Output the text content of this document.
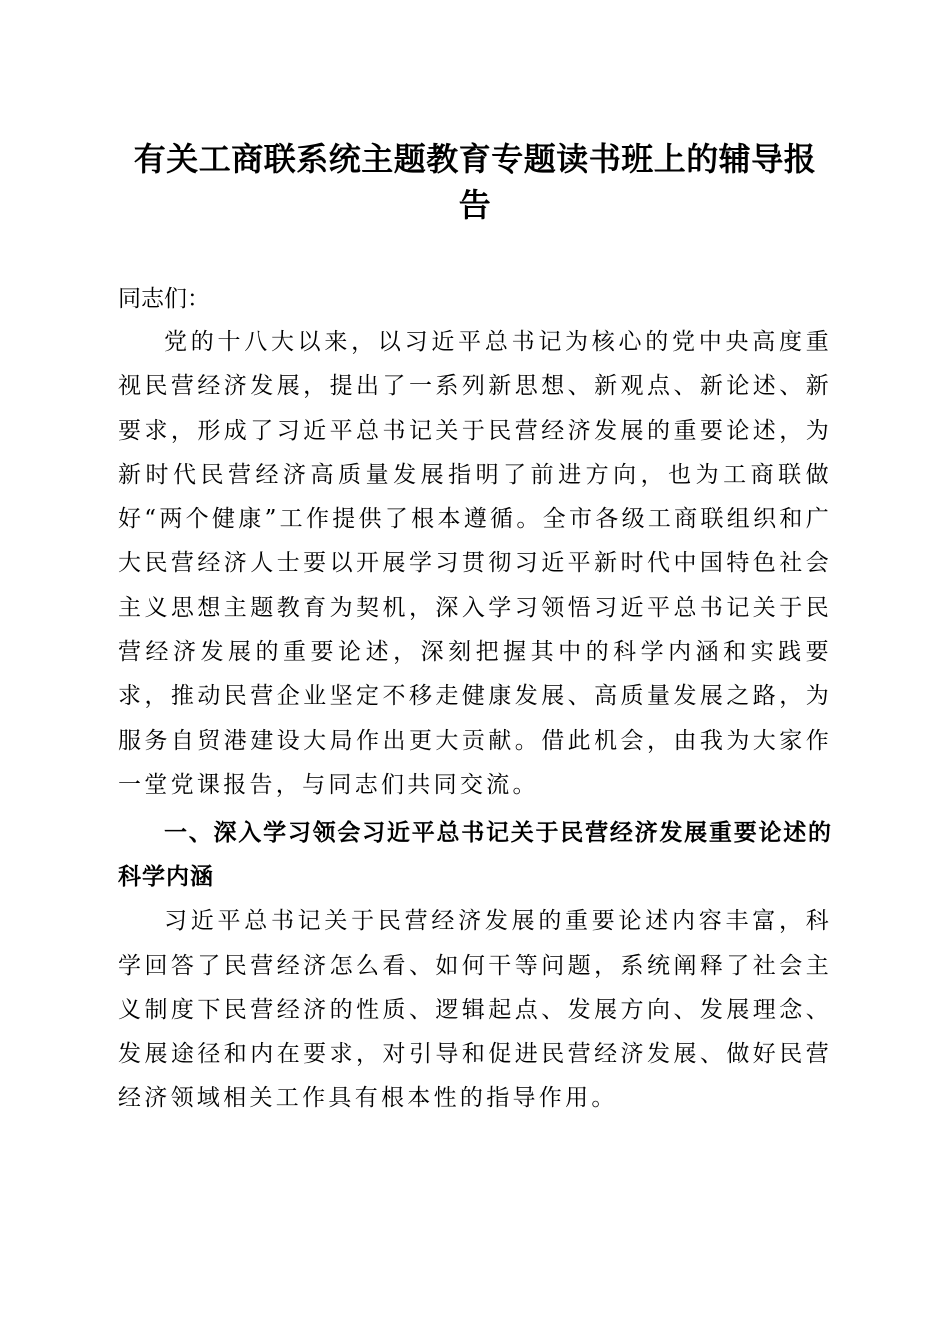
有关工商联系统主题教育专题读书班上的辅导报告

同志们：

党的十八大以来，以习近平总书记为核心的党中央高度重视民营经济发展，提出了一系列新思想、新观点、新论述、新要求，形成了习近平总书记关于民营经济发展的重要论述，为新时代民营经济高质量发展指明了前进方向，也为工商联做好“两个健康”工作提供了根本遵循。全市各级工商联组织和广大民营经济人士要以开展学习贯彻习近平新时代中国特色社会主义思想主题教育为契机，深入学习领悟习近平总书记关于民营经济发展的重要论述，深刻把握其中的科学内涵和实践要求，推动民营企业坚定不移走健康发展、高质量发展之路，为服务自贸港建设大局作出更大贡献。借此机会，由我为大家作一堂党课报告，与同志们共同交流。

一、深入学习领会习近平总书记关于民营经济发展重要论述的科学内涵

习近平总书记关于民营经济发展的重要论述内容丰富，科学回答了民营经济怎么看、如何干等问题，系统阐释了社会主义制度下民营经济的性质、逻辑起点、发展方向、发展理念、发展途径和内在要求，对引导和促进民营经济发展、做好民营经济领域相关工作具有根本性的指导作用。
